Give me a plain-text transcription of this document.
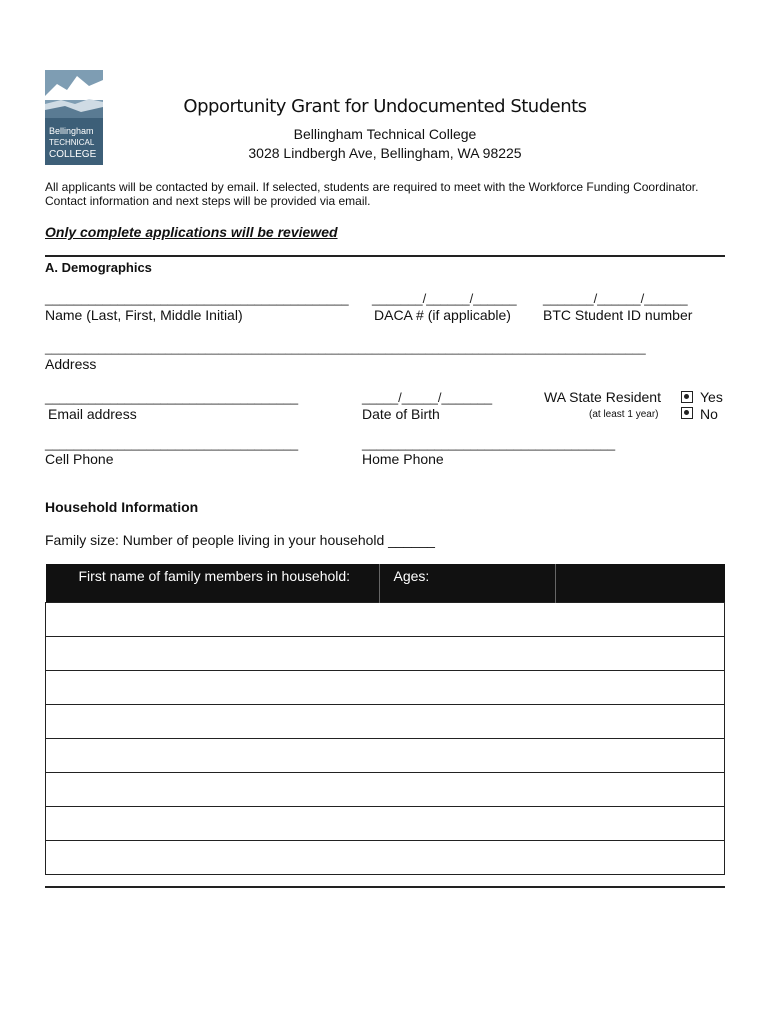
Bellingham
TECHNICAL
COLLEGE
Opportunity Grant for Undocumented Students
Bellingham Technical College
3028 Lindbergh Ave, Bellingham, WA 98225
All applicants will be contacted by email. If selected, students are required to meet with the Workforce Funding Coordinator.
Contact information and next steps will be provided via email.
Only complete applications will be reviewed
A. Demographics
__________________________________________
Name (Last, First, Middle Initial)
_______/______/______
DACA # (if applicable)
_______/______/______
BTC Student ID number
__________________________________________________________________________________________
Address
___________________________________
Email address
_____/_____/_______
Date of Birth
WA State Resident
(at least 1 year)
Yes
No
___________________________________
Cell Phone
___________________________________
Home Phone
Household Information
Family size: Number of people living in your household ______
First name of family members in household:	Ages:	
